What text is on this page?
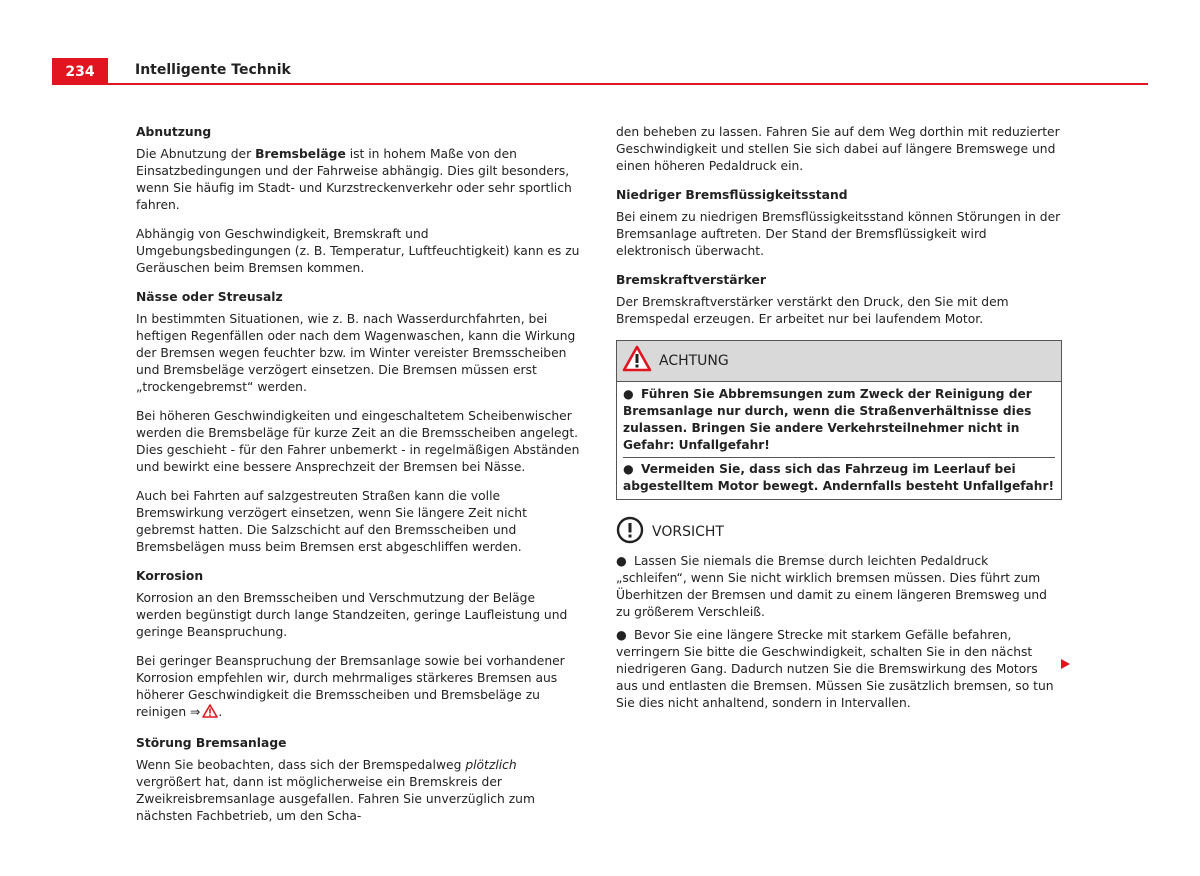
234	Intelligente Technik
Abnutzung

Die Abnutzung der Bremsbeläge ist in hohem Maße von den Einsatzbedingungen und der Fahrweise abhängig. Dies gilt besonders, wenn Sie häufig im Stadt- und Kurzstreckenverkehr oder sehr sportlich fahren.

Abhängig von Geschwindigkeit, Bremskraft und Umgebungsbedingungen (z. B. Temperatur, Luftfeuchtigkeit) kann es zu Geräuschen beim Bremsen kommen.

Nässe oder Streusalz

In bestimmten Situationen, wie z. B. nach Wasserdurchfahrten, bei heftigen Regenfällen oder nach dem Wagenwaschen, kann die Wirkung der Bremsen wegen feuchter bzw. im Winter vereister Bremsscheiben und Bremsbeläge verzögert einsetzen. Die Bremsen müssen erst „trockengebremst“ werden.

Bei höheren Geschwindigkeiten und eingeschaltetem Scheibenwischer werden die Bremsbeläge für kurze Zeit an die Bremsscheiben angelegt. Dies geschieht - für den Fahrer unbemerkt - in regelmäßigen Abständen und bewirkt eine bessere Ansprechzeit der Bremsen bei Nässe.

Auch bei Fahrten auf salzgestreuten Straßen kann die volle Bremswirkung verzögert einsetzen, wenn Sie längere Zeit nicht gebremst hatten. Die Salzschicht auf den Bremsscheiben und Bremsbelägen muss beim Bremsen erst abgeschliffen werden.

Korrosion

Korrosion an den Bremsscheiben und Verschmutzung der Beläge werden begünstigt durch lange Standzeiten, geringe Laufleistung und geringe Beanspruchung.

Bei geringer Beanspruchung der Bremsanlage sowie bei vorhandener Korrosion empfehlen wir, durch mehrmaliges stärkeres Bremsen aus höherer Geschwindigkeit die Bremsscheiben und Bremsbeläge zu reinigen ⇒ .

Störung Bremsanlage

Wenn Sie beobachten, dass sich der Bremspedalweg plötzlich vergrößert hat, dann ist möglicherweise ein Bremskreis der Zweikreisbremsanlage ausgefallen. Fahren Sie unverzüglich zum nächsten Fachbetrieb, um den Scha-

den beheben zu lassen. Fahren Sie auf dem Weg dorthin mit reduzierter Geschwindigkeit und stellen Sie sich dabei auf längere Bremswege und einen höheren Pedaldruck ein.

Niedriger Bremsflüssigkeitsstand

Bei einem zu niedrigen Bremsflüssigkeitsstand können Störungen in der Bremsanlage auftreten. Der Stand der Bremsflüssigkeit wird elektronisch überwacht.

Bremskraftverstärker

Der Bremskraftverstärker verstärkt den Druck, den Sie mit dem Bremspedal erzeugen. Er arbeitet nur bei laufendem Motor.

ACHTUNG
● Führen Sie Abbremsungen zum Zweck der Reinigung der Bremsanlage nur durch, wenn die Straßenverhältnisse dies zulassen. Bringen Sie andere Verkehrsteilnehmer nicht in Gefahr: Unfallgefahr!
● Vermeiden Sie, dass sich das Fahrzeug im Leerlauf bei abgestelltem Motor bewegt. Andernfalls besteht Unfallgefahr!
VORSICHT

● Lassen Sie niemals die Bremse durch leichten Pedaldruck „schleifen“, wenn Sie nicht wirklich bremsen müssen. Dies führt zum Überhitzen der Bremsen und damit zu einem längeren Bremsweg und zu größerem Verschleiß.

● Bevor Sie eine längere Strecke mit starkem Gefälle befahren, verringern Sie bitte die Geschwindigkeit, schalten Sie in den nächst niedrigeren Gang. Dadurch nutzen Sie die Bremswirkung des Motors aus und entlasten die Bremsen. Müssen Sie zusätzlich bremsen, so tun Sie dies nicht anhaltend, sondern in Intervallen.
